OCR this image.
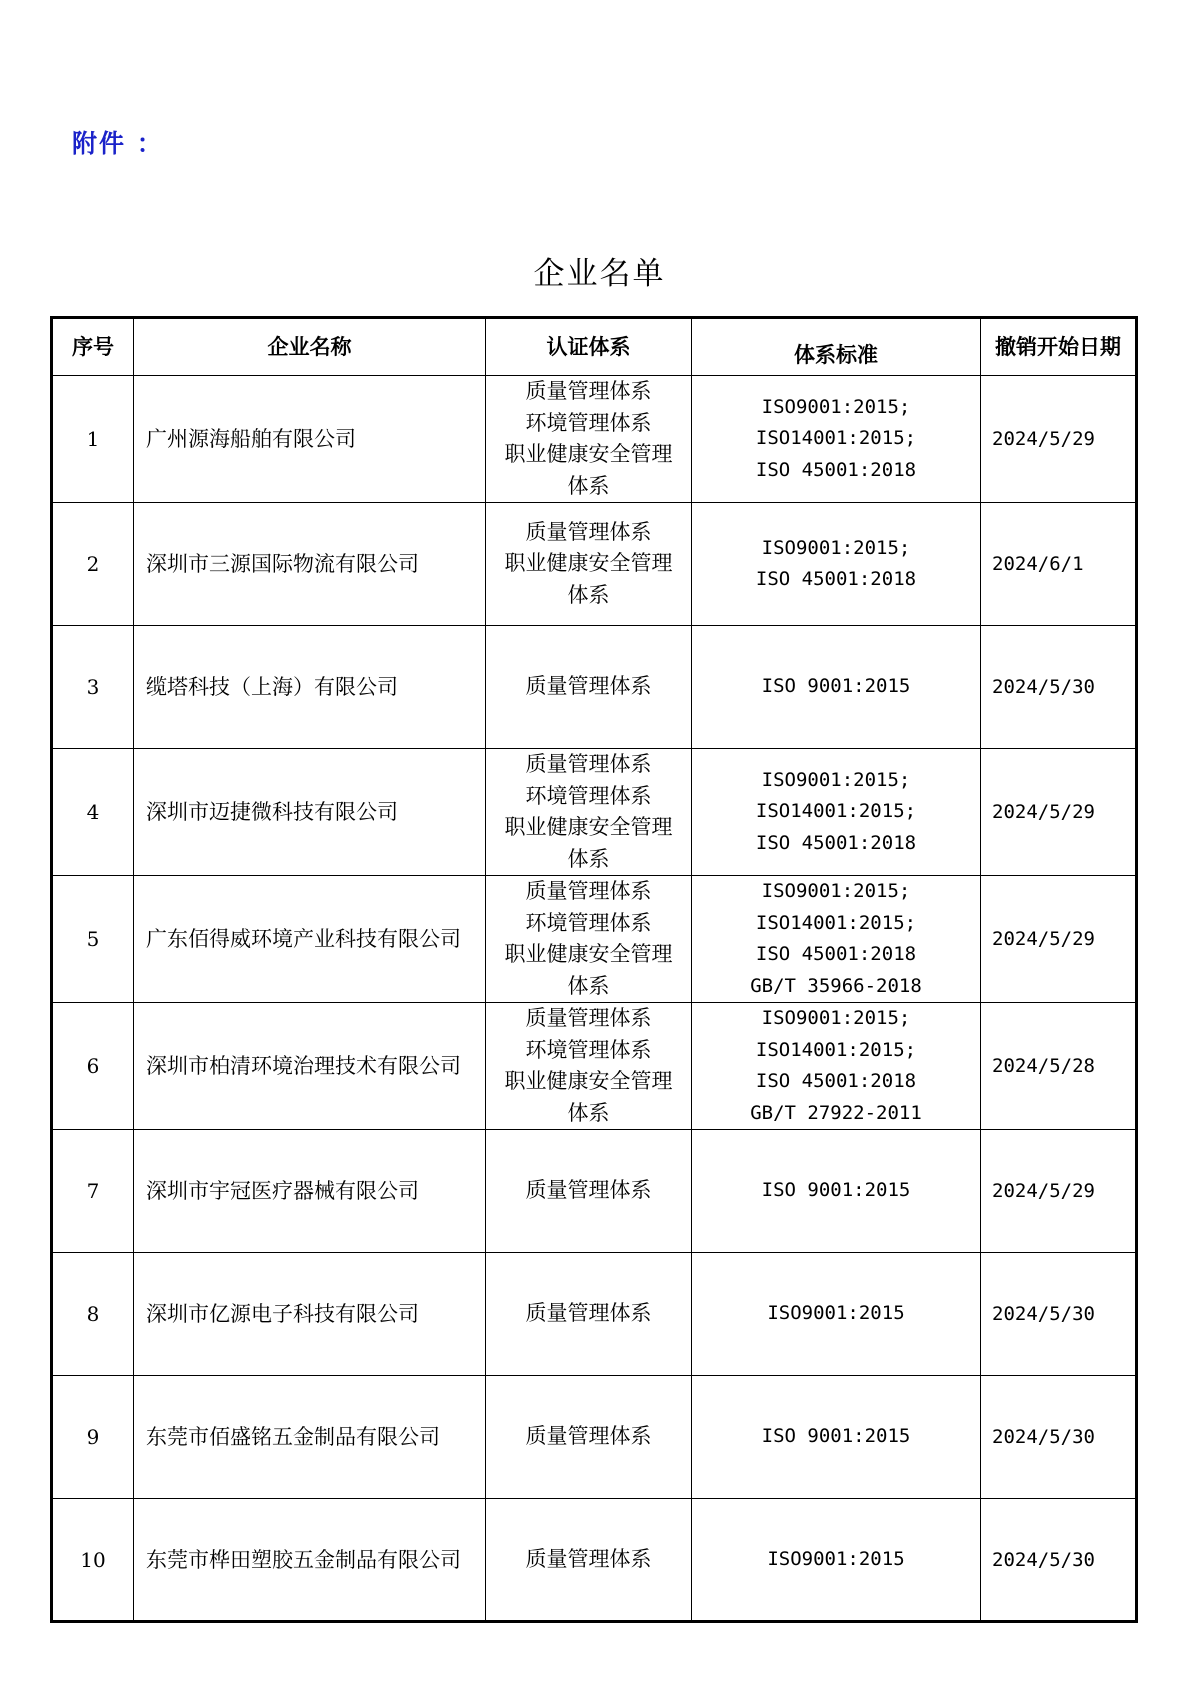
附件 ：
企业名单
序号	企业名称	认证体系	体系标准	撤销开始日期
1	广州源海船舶有限公司	质量管理体系
环境管理体系
职业健康安全管理
体系	ISO9001:2015;
ISO14001:2015;
ISO 45001:2018	2024/5/29
2	深圳市三源国际物流有限公司	质量管理体系
职业健康安全管理
体系	ISO9001:2015;
ISO 45001:2018	2024/6/1
3	缆塔科技（上海）有限公司	质量管理体系	ISO 9001:2015	2024/5/30
4	深圳市迈捷微科技有限公司	质量管理体系
环境管理体系
职业健康安全管理
体系	ISO9001:2015;
ISO14001:2015;
ISO 45001:2018	2024/5/29
5	广东佰得威环境产业科技有限公司	质量管理体系
环境管理体系
职业健康安全管理
体系	ISO9001:2015;
ISO14001:2015;
ISO 45001:2018
GB/T 35966-2018	2024/5/29
6	深圳市柏清环境治理技术有限公司	质量管理体系
环境管理体系
职业健康安全管理
体系	ISO9001:2015;
ISO14001:2015;
ISO 45001:2018
GB/T 27922-2011	2024/5/28
7	深圳市宇冠医疗器械有限公司	质量管理体系	ISO 9001:2015	2024/5/29
8	深圳市亿源电子科技有限公司	质量管理体系	ISO9001:2015	2024/5/30
9	东莞市佰盛铭五金制品有限公司	质量管理体系	ISO 9001:2015	2024/5/30
10	东莞市桦田塑胶五金制品有限公司	质量管理体系	ISO9001:2015	2024/5/30
